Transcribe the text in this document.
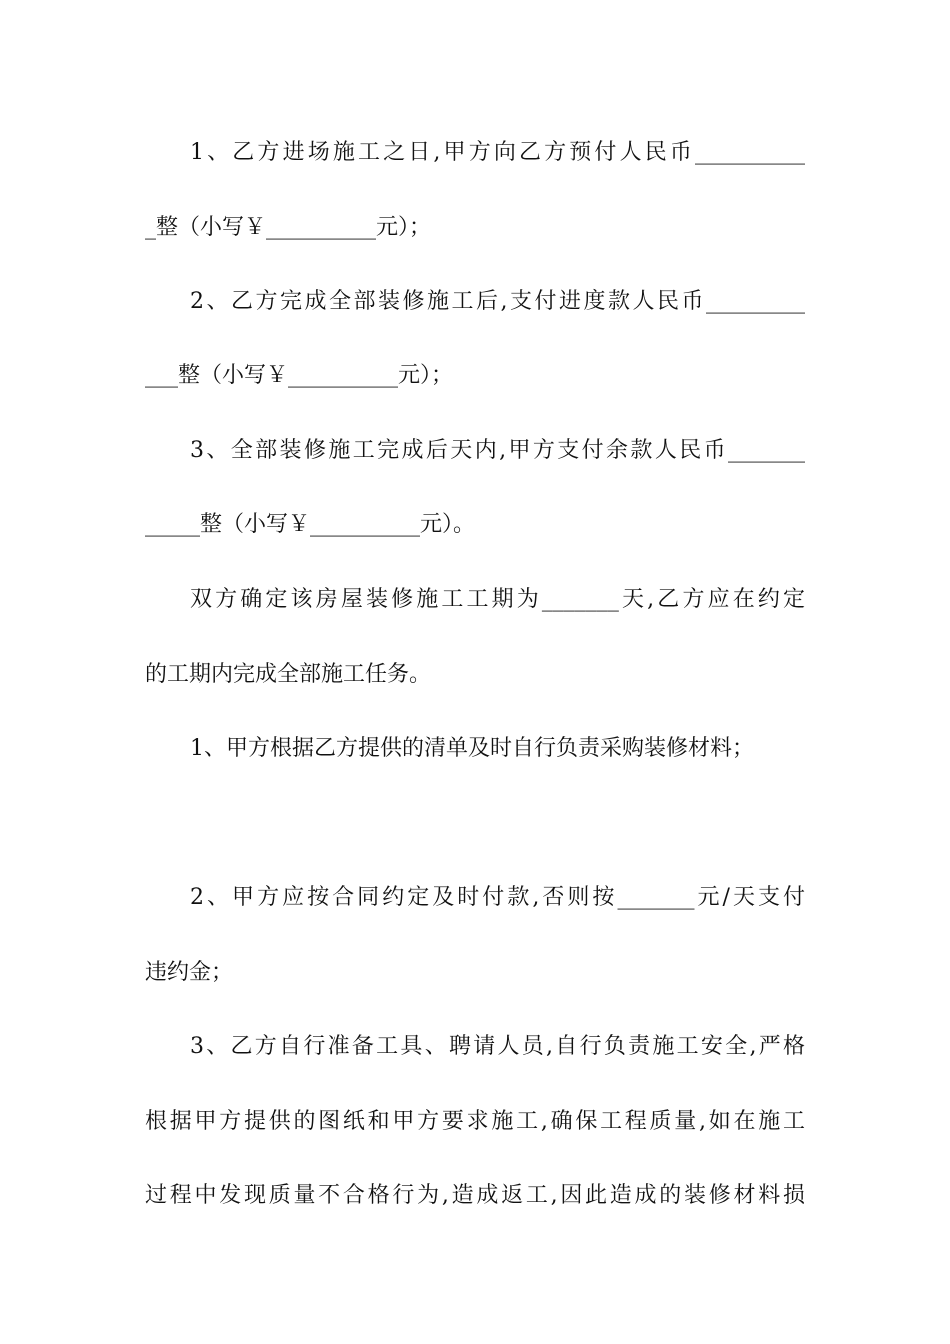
1、乙方进场施工之日,甲方向乙方预付人民币__________
_整（小写￥__________元）；
2、乙方完成全部装修施工后,支付进度款人民币_________
___整（小写￥__________元）；
3、全部装修施工完成后天内,甲方支付余款人民币_______
_____整（小写￥__________元）。
双方确定该房屋装修施工工期为_______天,乙方应在约定
的工期内完成全部施工任务。
1、甲方根据乙方提供的清单及时自行负责采购装修材料；
2、甲方应按合同约定及时付款,否则按_______元/天支付
违约金；
3、乙方自行准备工具、聘请人员,自行负责施工安全,严格
根据甲方提供的图纸和甲方要求施工,确保工程质量,如在施工
过程中发现质量不合格行为,造成返工,因此造成的装修材料损
